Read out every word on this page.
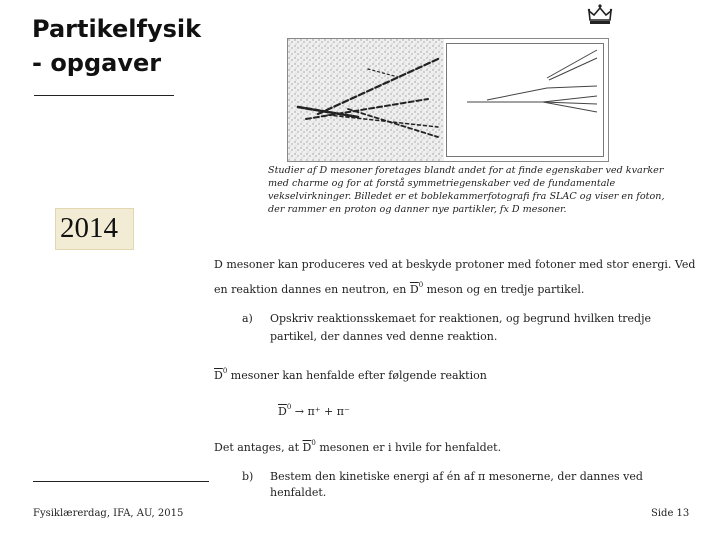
Partikelfysik
- opgaver

Studier af D mesoner foretages blandt andet for at finde egenskaber ved kvarker

med charme og for at forstå symmetriegenskaber ved de fundamentale

vekselvirkninger. Billedet er et boblekammerfotografi fra SLAC og viser en foton,

der rammer en proton og danner nye partikler, fx D mesoner.

2014
D mesoner kan produceres ved at beskyde protoner med fotoner med stor energi. Ved
en reaktion dannes en neutron, en $\overline{D}^0$ meson og en tredje partikel.
a) Opskriv reaktionsskemaet for reaktionen, og begrund hvilken tredje
partikel, der dannes ved denne reaktion.
$\overline{D}^0$ mesoner kan henfalde efter følgende reaktion
$\overline{D}^0 \to \pi^+ + \pi^-$
Det antages, at $\overline{D}^0$ mesonen er i hvile for henfaldet.
b) Bestem den kinetiske energi af én af π mesonerne, der dannes ved
henfaldet.
Fysiklærerdag, IFA, AU, 2015	Side 13
